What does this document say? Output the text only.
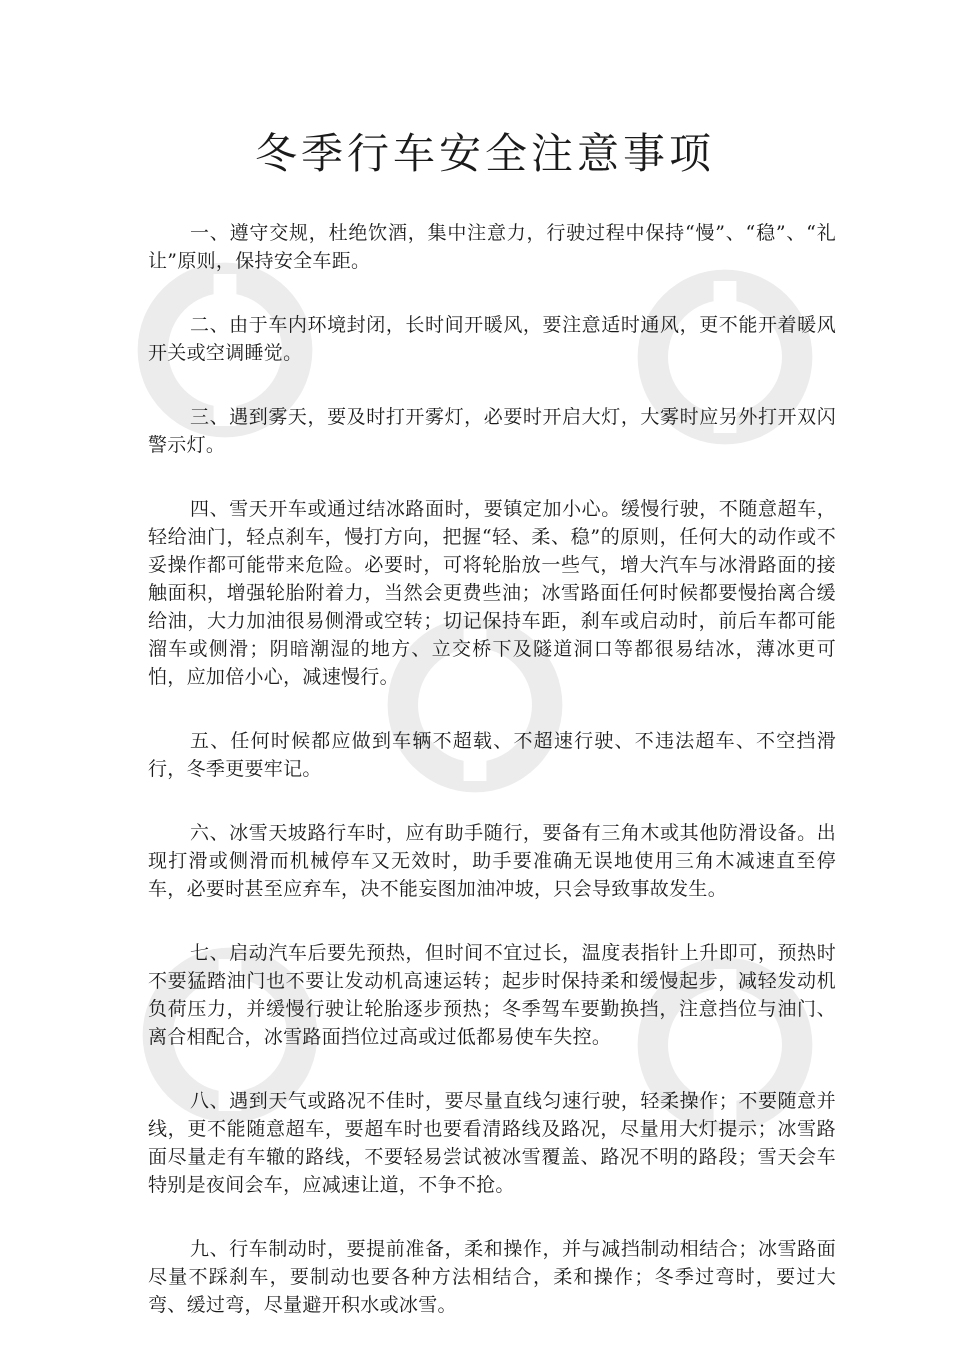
冬季行车安全注意事项

一、遵守交规，杜绝饮酒，集中注意力，行驶过程中保持“慢”、“稳”、“礼让”原则，保持安全车距。

二、由于车内环境封闭，长时间开暖风，要注意适时通风，更不能开着暖风开关或空调睡觉。

三、遇到雾天，要及时打开雾灯，必要时开启大灯，大雾时应另外打开双闪警示灯。

四、雪天开车或通过结冰路面时，要镇定加小心。缓慢行驶，不随意超车，轻给油门，轻点刹车，慢打方向，把握“轻、柔、稳”的原则，任何大的动作或不妥操作都可能带来危险。必要时，可将轮胎放一些气，增大汽车与冰滑路面的接触面积，增强轮胎附着力，当然会更费些油；冰雪路面任何时候都要慢抬离合缓给油，大力加油很易侧滑或空转；切记保持车距，刹车或启动时，前后车都可能溜车或侧滑；阴暗潮湿的地方、立交桥下及隧道洞口等都很易结冰，薄冰更可怕，应加倍小心，减速慢行。

五、任何时候都应做到车辆不超载、不超速行驶、不违法超车、不空挡滑行，冬季更要牢记。

六、冰雪天坡路行车时，应有助手随行，要备有三角木或其他防滑设备。出现打滑或侧滑而机械停车又无效时，助手要准确无误地使用三角木减速直至停车，必要时甚至应弃车，决不能妄图加油冲坡，只会导致事故发生。

七、启动汽车后要先预热，但时间不宜过长，温度表指针上升即可，预热时不要猛踏油门也不要让发动机高速运转；起步时保持柔和缓慢起步，减轻发动机负荷压力，并缓慢行驶让轮胎逐步预热；冬季驾车要勤换挡，注意挡位与油门、离合相配合，冰雪路面挡位过高或过低都易使车失控。

八、遇到天气或路况不佳时，要尽量直线匀速行驶，轻柔操作；不要随意并线，更不能随意超车，要超车时也要看清路线及路况，尽量用大灯提示；冰雪路面尽量走有车辙的路线，不要轻易尝试被冰雪覆盖、路况不明的路段；雪天会车特别是夜间会车，应减速让道，不争不抢。

九、行车制动时，要提前准备，柔和操作，并与减挡制动相结合；冰雪路面尽量不踩刹车，要制动也要各种方法相结合，柔和操作；冬季过弯时，要过大弯、缓过弯，尽量避开积水或冰雪。
